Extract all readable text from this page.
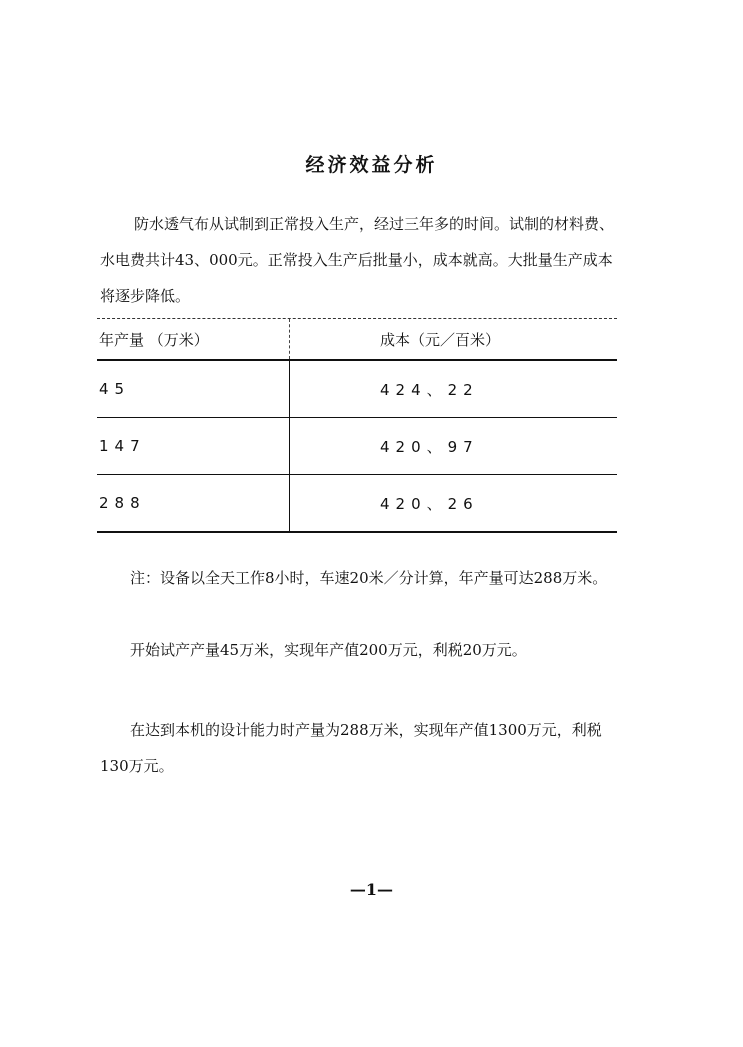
经济效益分析

防水透气布从试制到正常投入生产，经过三年多的时间。试制的材料费、水电费共计43、000元。正常投入生产后批量小，成本就高。大批量生产成本将逐步降低。

年产量 （万米）	成本（元／百米）
45	424、22
147	420、97
288	420、26

注：设备以全天工作8小时，车速20米／分计算，年产量可达288万米。

开始试产产量45万米，实现年产值200万元，利税20万元。

在达到本机的设计能力时产量为288万米，实现年产值1300万元，利税130万元。

—1—
